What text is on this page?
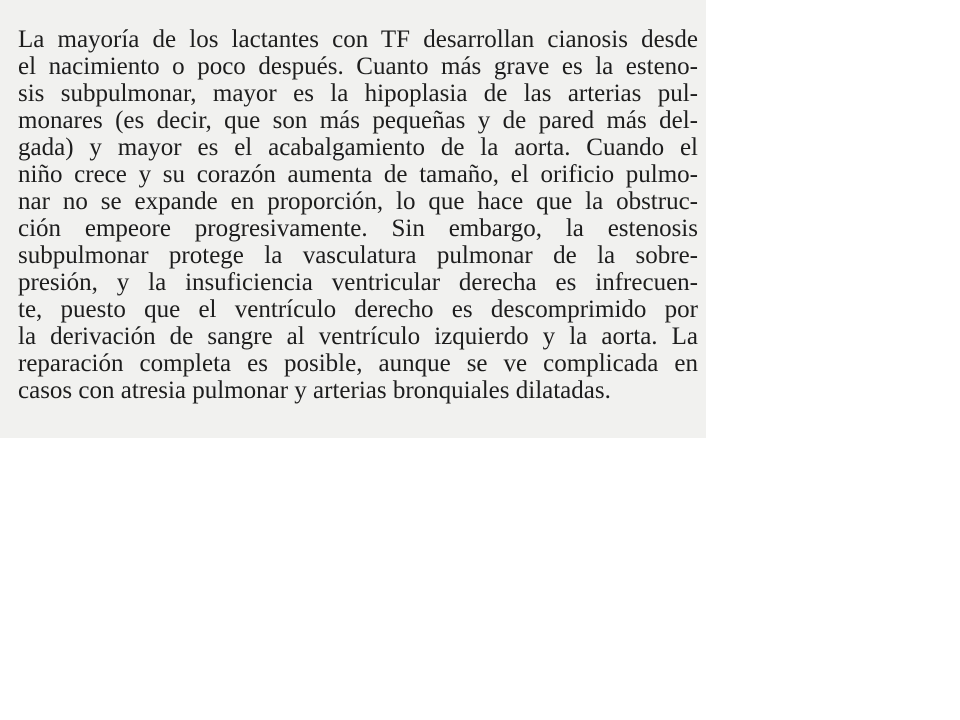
La mayoría de los lactantes con TF desarrollan cianosis desde
el nacimiento o poco después. Cuanto más grave es la esteno-
sis subpulmonar, mayor es la hipoplasia de las arterias pul-
monares (es decir, que son más pequeñas y de pared más del-
gada) y mayor es el acabalgamiento de la aorta. Cuando el
niño crece y su corazón aumenta de tamaño, el orificio pulmo-
nar no se expande en proporción, lo que hace que la obstruc-
ción empeore progresivamente. Sin embargo, la estenosis
subpulmonar protege la vasculatura pulmonar de la sobre-
presión, y la insuficiencia ventricular derecha es infrecuen-
te, puesto que el ventrículo derecho es descomprimido por
la derivación de sangre al ventrículo izquierdo y la aorta. La
reparación completa es posible, aunque se ve complicada en
casos con atresia pulmonar y arterias bronquiales dilatadas.
